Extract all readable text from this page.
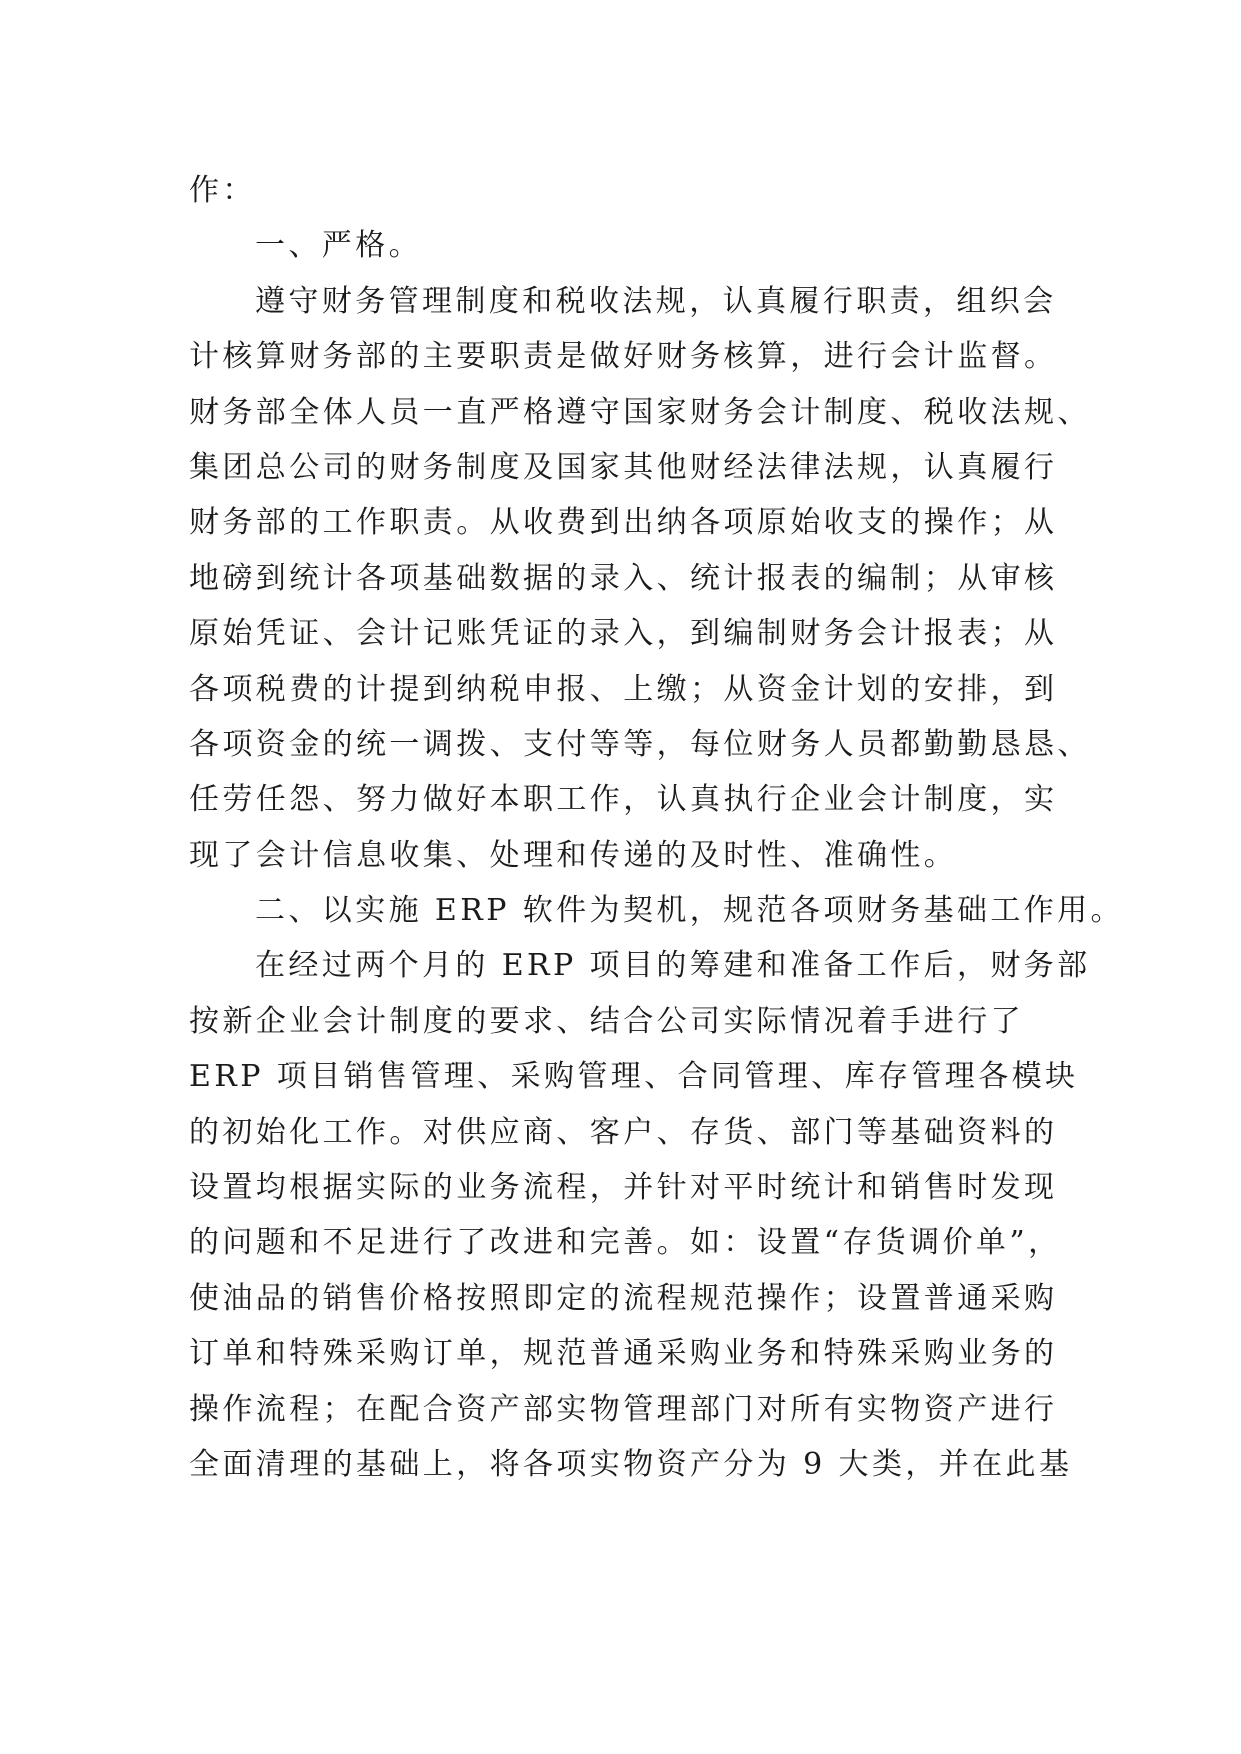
作：
一、严格。
遵守财务管理制度和税收法规，认真履行职责，组织会
计核算财务部的主要职责是做好财务核算，进行会计监督。
财务部全体人员一直严格遵守国家财务会计制度、税收法规、
集团总公司的财务制度及国家其他财经法律法规，认真履行
财务部的工作职责。从收费到出纳各项原始收支的操作；从
地磅到统计各项基础数据的录入、统计报表的编制；从审核
原始凭证、会计记账凭证的录入，到编制财务会计报表；从
各项税费的计提到纳税申报、上缴；从资金计划的安排，到
各项资金的统一调拨、支付等等，每位财务人员都勤勤恳恳、
任劳任怨、努力做好本职工作，认真执行企业会计制度，实
现了会计信息收集、处理和传递的及时性、准确性。
二、以实施 ERP 软件为契机，规范各项财务基础工作用。
在经过两个月的 ERP 项目的筹建和准备工作后，财务部
按新企业会计制度的要求、结合公司实际情况着手进行了
ERP 项目销售管理、采购管理、合同管理、库存管理各模块
的初始化工作。对供应商、客户、存货、部门等基础资料的
设置均根据实际的业务流程，并针对平时统计和销售时发现
的问题和不足进行了改进和完善。如：设置“存货调价单”，
使油品的销售价格按照即定的流程规范操作；设置普通采购
订单和特殊采购订单，规范普通采购业务和特殊采购业务的
操作流程；在配合资产部实物管理部门对所有实物资产进行
全面清理的基础上，将各项实物资产分为 9 大类，并在此基
